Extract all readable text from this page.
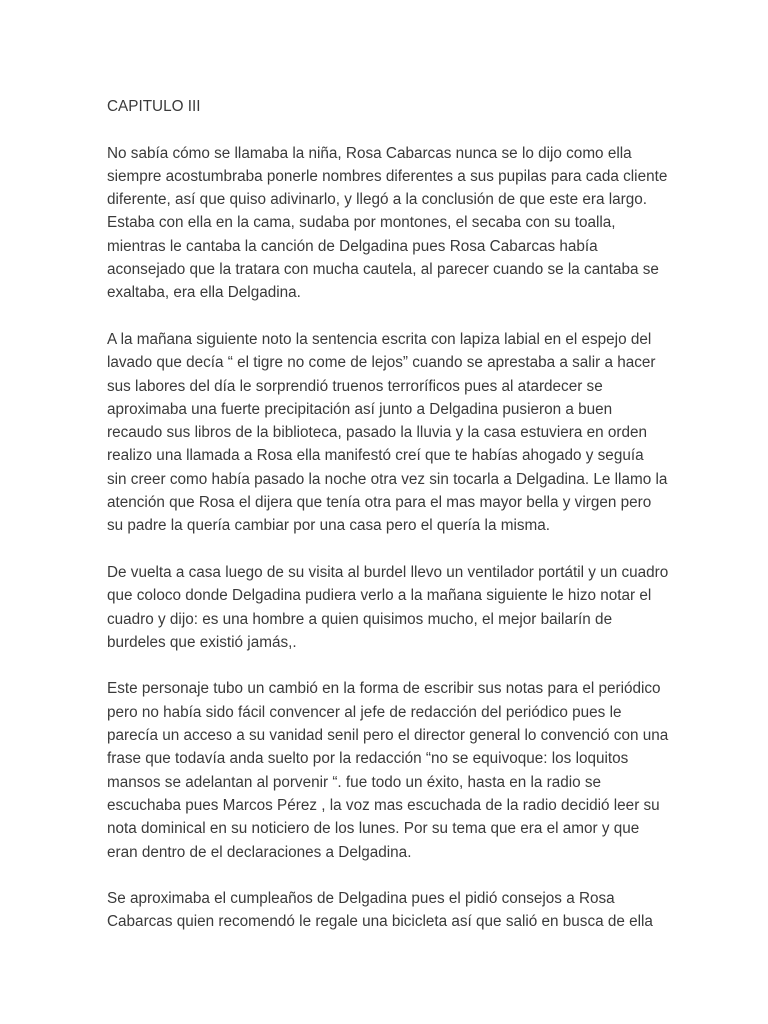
CAPITULO III

No sabía cómo se llamaba la niña, Rosa Cabarcas nunca se lo dijo como ella
siempre acostumbraba ponerle nombres diferentes a sus pupilas para cada cliente
diferente, así que quiso adivinarlo, y llegó a la conclusión de que este era largo.
Estaba con ella en la cama, sudaba por montones, el secaba con su toalla,
mientras le cantaba la canción de Delgadina pues Rosa Cabarcas había
aconsejado que la tratara con mucha cautela, al parecer cuando se la cantaba se
exaltaba, era ella Delgadina.

A la mañana siguiente noto la sentencia escrita con lapiza labial en el espejo del
lavado que decía “ el tigre no come de lejos” cuando se aprestaba a salir a hacer
sus labores del día le sorprendió truenos terroríficos pues al atardecer se
aproximaba una fuerte precipitación así junto a Delgadina pusieron a buen
recaudo sus libros de la biblioteca, pasado la lluvia y la casa estuviera en orden
realizo una llamada a Rosa ella manifestó creí que te habías ahogado y seguía
sin creer como había pasado la noche otra vez sin tocarla a Delgadina. Le llamo la
atención que Rosa el dijera que tenía otra para el mas mayor bella y virgen pero
su padre la quería cambiar por una casa pero el quería la misma.

De vuelta a casa luego de su visita al burdel llevo un ventilador portátil y un cuadro
que coloco donde Delgadina pudiera verlo a la mañana siguiente le hizo notar el
cuadro y dijo: es una hombre a quien quisimos mucho, el mejor bailarín de
burdeles que existió jamás,.

Este personaje tubo un cambió en la forma de escribir sus notas para el periódico
pero no había sido fácil convencer al jefe de redacción del periódico pues le
parecía un acceso a su vanidad senil pero el director general lo convenció con una
frase que todavía anda suelto por la redacción “no se equivoque: los loquitos
mansos se adelantan al porvenir “. fue todo un éxito, hasta en la radio se
escuchaba pues Marcos Pérez , la voz mas escuchada de la radio decidió leer su
nota dominical en su noticiero de los lunes. Por su tema que era el amor y que
eran dentro de el declaraciones a Delgadina.

Se aproximaba el cumpleaños de Delgadina pues el pidió consejos a Rosa
Cabarcas quien recomendó le regale una bicicleta así que salió en busca de ella
